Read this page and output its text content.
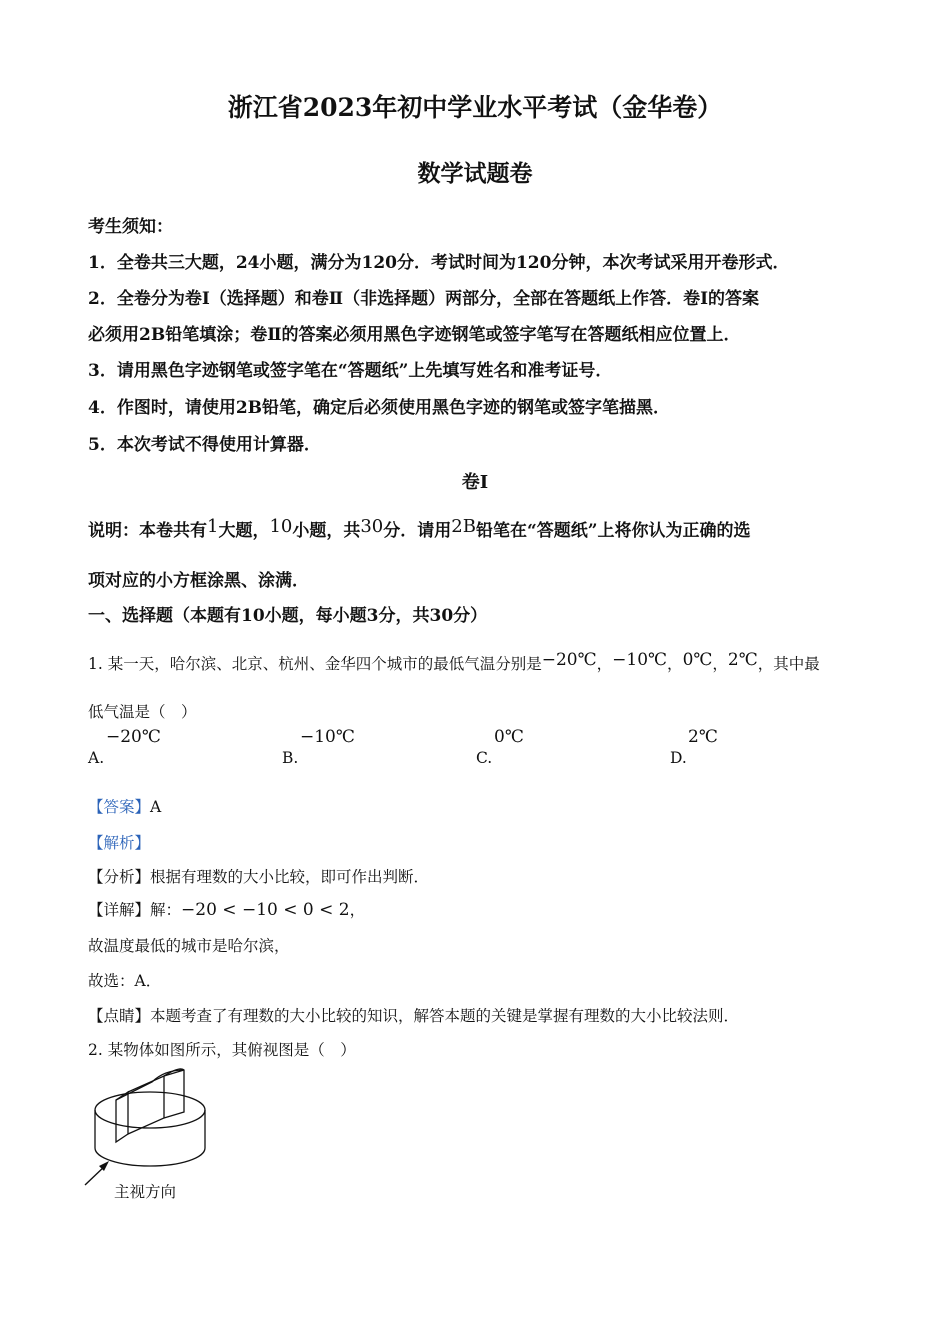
浙江省2023年初中学业水平考试（金华卷）
数学试题卷
考生须知：
1．全卷共三大题，24小题，满分为120分．考试时间为120分钟，本次考试采用开卷形式．
2．全卷分为卷Ⅰ（选择题）和卷Ⅱ（非选择题）两部分，全部在答题纸上作答．卷Ⅰ的答案
必须用2B铅笔填涂；卷Ⅱ的答案必须用黑色字迹钢笔或签字笔写在答题纸相应位置上．
3．请用黑色字迹钢笔或签字笔在“答题纸”上先填写姓名和准考证号．
4．作图时，请使用2B铅笔，确定后必须使用黑色字迹的钢笔或签字笔描黑．
5．本次考试不得使用计算器．
卷Ⅰ
说明：本卷共有1大题，10小题，共30分．请用2B铅笔在“答题纸”上将你认为正确的选
项对应的小方框涂黑、涂满．
一、选择题（本题有10小题，每小题3分，共30分）
1. 某一天，哈尔滨、北京、杭州、金华四个城市的最低气温分别是−20℃，−10℃，0℃，2℃，其中最
低气温是（　）
A.
−20℃
B.
−10℃
C.
0℃
D.
2℃
【答案】A
【解析】
【分析】根据有理数的大小比较，即可作出判断．
【详解】解：−20 < −10 < 0 < 2，
故温度最低的城市是哈尔滨，
故选：A．
【点睛】本题考查了有理数的大小比较的知识，解答本题的关键是掌握有理数的大小比较法则．
2. 某物体如图所示，其俯视图是（　）
主视方向
